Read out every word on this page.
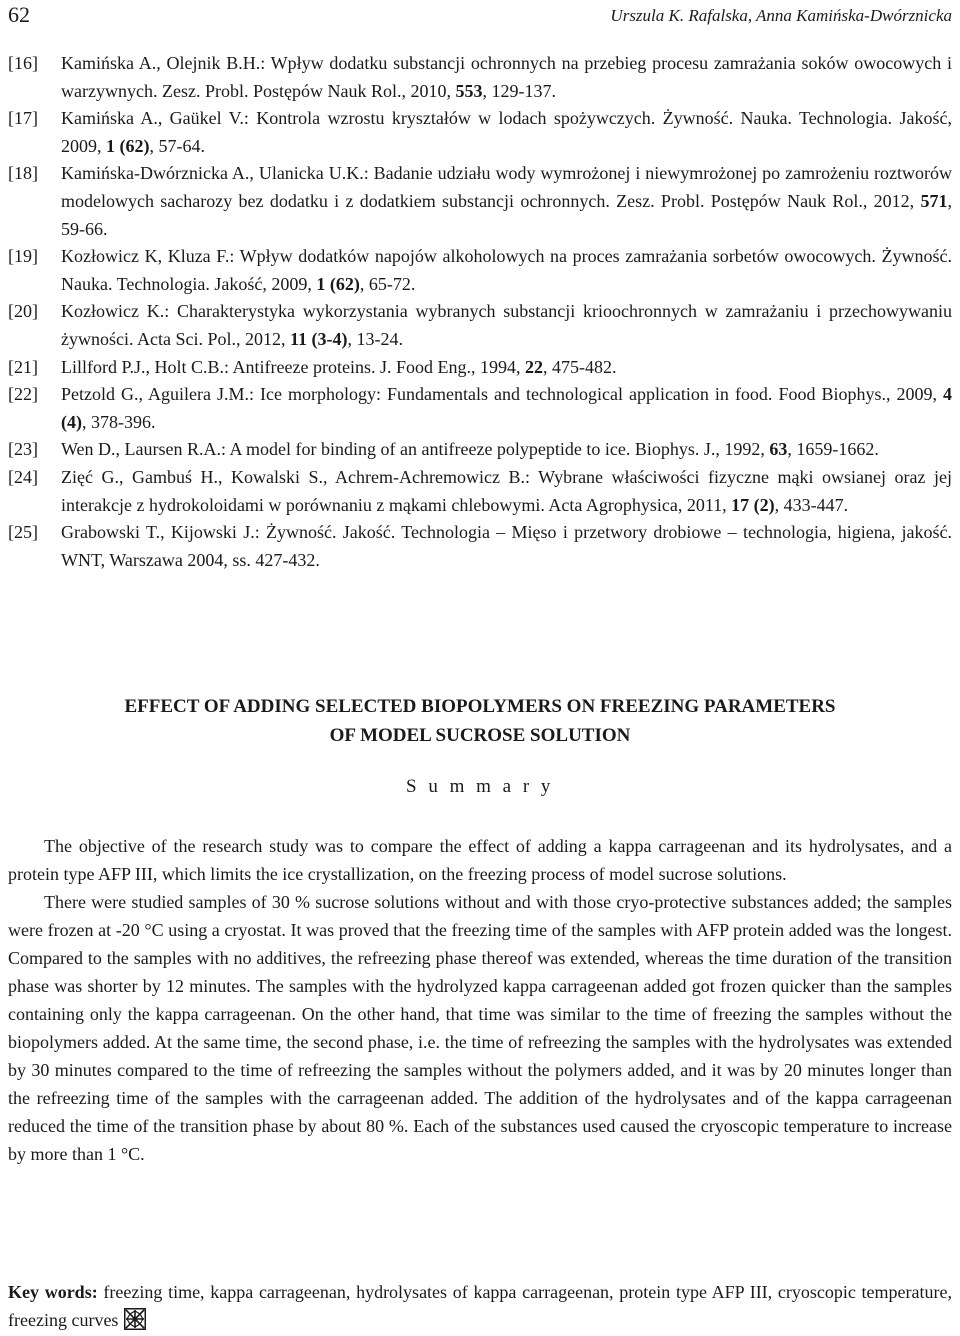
62	Urszula K. Rafalska, Anna Kamińska-Dwórznicka
[16]	Kamińska A., Olejnik B.H.: Wpływ dodatku substancji ochronnych na przebieg procesu zamrażania soków owocowych i warzywnych. Zesz. Probl. Postępów Nauk Rol., 2010, 553, 129-137.
[17]	Kamińska A., Gaükel V.: Kontrola wzrostu kryształów w lodach spożywczych. Żywność. Nauka. Technologia. Jakość, 2009, 1 (62), 57-64.
[18]	Kamińska-Dwórznicka A., Ulanicka U.K.: Badanie udziału wody wymrożonej i niewymrożonej po zamrożeniu roztworów modelowych sacharozy bez dodatku i z dodatkiem substancji ochronnych. Zesz. Probl. Postępów Nauk Rol., 2012, 571, 59-66.
[19]	Kozłowicz K, Kluza F.: Wpływ dodatków napojów alkoholowych na proces zamrażania sorbetów owocowych. Żywność. Nauka. Technologia. Jakość, 2009, 1 (62), 65-72.
[20]	Kozłowicz K.: Charakterystyka wykorzystania wybranych substancji krioochronnych w zamrażaniu i przechowywaniu żywności. Acta Sci. Pol., 2012, 11 (3-4), 13-24.
[21]	Lillford P.J., Holt C.B.: Antifreeze proteins. J. Food Eng., 1994, 22, 475-482.
[22]	Petzold G., Aguilera J.M.: Ice morphology: Fundamentals and technological application in food. Food Biophys., 2009, 4 (4), 378-396.
[23]	Wen D., Laursen R.A.: A model for binding of an antifreeze polypeptide to ice. Biophys. J., 1992, 63, 1659-1662.
[24]	Zięć G., Gambuś H., Kowalski S., Achrem-Achremowicz B.: Wybrane właściwości fizyczne mąki owsianej oraz jej interakcje z hydrokoloidami w porównaniu z mąkami chlebowymi. Acta Agrophysica, 2011, 17 (2), 433-447.
[25]	Grabowski T., Kijowski J.: Żywność. Jakość. Technologia – Mięso i przetwory drobiowe – technologia, higiena, jakość. WNT, Warszawa 2004, ss. 427-432.
EFFECT OF ADDING SELECTED BIOPOLYMERS ON FREEZING PARAMETERS
OF MODEL SUCROSE SOLUTION
S u m m a r y

The objective of the research study was to compare the effect of adding a kappa carrageenan and its hydrolysates, and a protein type AFP III, which limits the ice crystallization, on the freezing process of model sucrose solutions.

There were studied samples of 30 % sucrose solutions without and with those cryo-protective substances added; the samples were frozen at -20 °C using a cryostat. It was proved that the freezing time of the samples with AFP protein added was the longest. Compared to the samples with no additives, the refreezing phase thereof was extended, whereas the time duration of the transition phase was shorter by 12 minutes. The samples with the hydrolyzed kappa carrageenan added got frozen quicker than the samples containing only the kappa carrageenan. On the other hand, that time was similar to the time of freezing the samples without the biopolymers added. At the same time, the second phase, i.e. the time of refreezing the samples with the hydrolysates was extended by 30 minutes compared to the time of refreezing the samples without the polymers added, and it was by 20 minutes longer than the refreezing time of the samples with the carrageenan added. The addition of the hydrolysates and of the kappa carrageenan reduced the time of the transition phase by about 80 %. Each of the substances used caused the cryoscopic temperature to increase by more than 1 °C.

Key words: freezing time, kappa carrageenan, hydrolysates of kappa carrageenan, protein type AFP III, cryoscopic temperature, freezing curves
